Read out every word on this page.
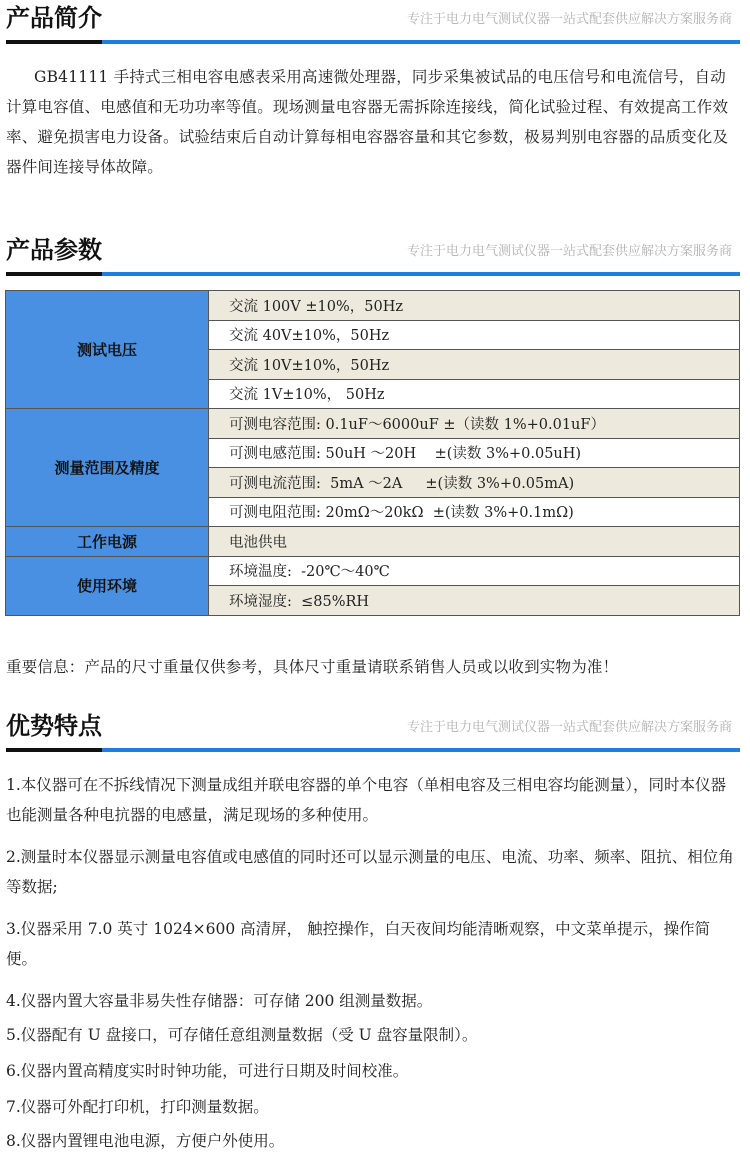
产品简介	专注于电力电气测试仪器一站式配套供应解决方案服务商

GB41111 手持式三相电容电感表采用高速微处理器，同步采集被试品的电压信号和电流信号，自动计算电容值、电感值和无功功率等值。现场测量电容器无需拆除连接线，简化试验过程、有效提高工作效率、避免损害电力设备。试验结束后自动计算每相电容器容量和其它参数，极易判别电容器的品质变化及器件间连接导体故障。

产品参数	专注于电力电气测试仪器一站式配套供应解决方案服务商
测试电压	交流 100V ±10%，50Hz
	交流 40V±10%，50Hz
	交流 10V±10%，50Hz
	交流 1V±10%， 50Hz
测量范围及精度	可测电容范围: 0.1uF～6000uF ±（读数 1%+0.01uF）
	可测电感范围: 50uH ～20H    ±(读数 3%+0.05uH)
	可测电流范围:  5mA ～2A     ±(读数 3%+0.05mA)
	可测电阻范围: 20mΩ～20kΩ  ±(读数 3%+0.1mΩ)
工作电源	电池供电
使用环境	环境温度:  -20℃～40℃
	环境湿度:  ≤85%RH

重要信息：产品的尺寸重量仅供参考，具体尺寸重量请联系销售人员或以收到实物为准！

优势特点	专注于电力电气测试仪器一站式配套供应解决方案服务商

1.本仪器可在不拆线情况下测量成组并联电容器的单个电容（单相电容及三相电容均能测量），同时本仪器也能测量各种电抗器的电感量，满足现场的多种使用。

2.测量时本仪器显示测量电容值或电感值的同时还可以显示测量的电压、电流、功率、频率、阻抗、相位角等数据;

3.仪器采用 7.0 英寸 1024×600 高清屏， 触控操作，白天夜间均能清晰观察，中文菜单提示，操作简便。

4.仪器内置大容量非易失性存储器：可存储 200 组测量数据。

5.仪器配有 U 盘接口，可存储任意组测量数据（受 U 盘容量限制）。

6.仪器内置高精度实时时钟功能，可进行日期及时间校准。

7.仪器可外配打印机，打印测量数据。

8.仪器内置锂电池电源，方便户外使用。
